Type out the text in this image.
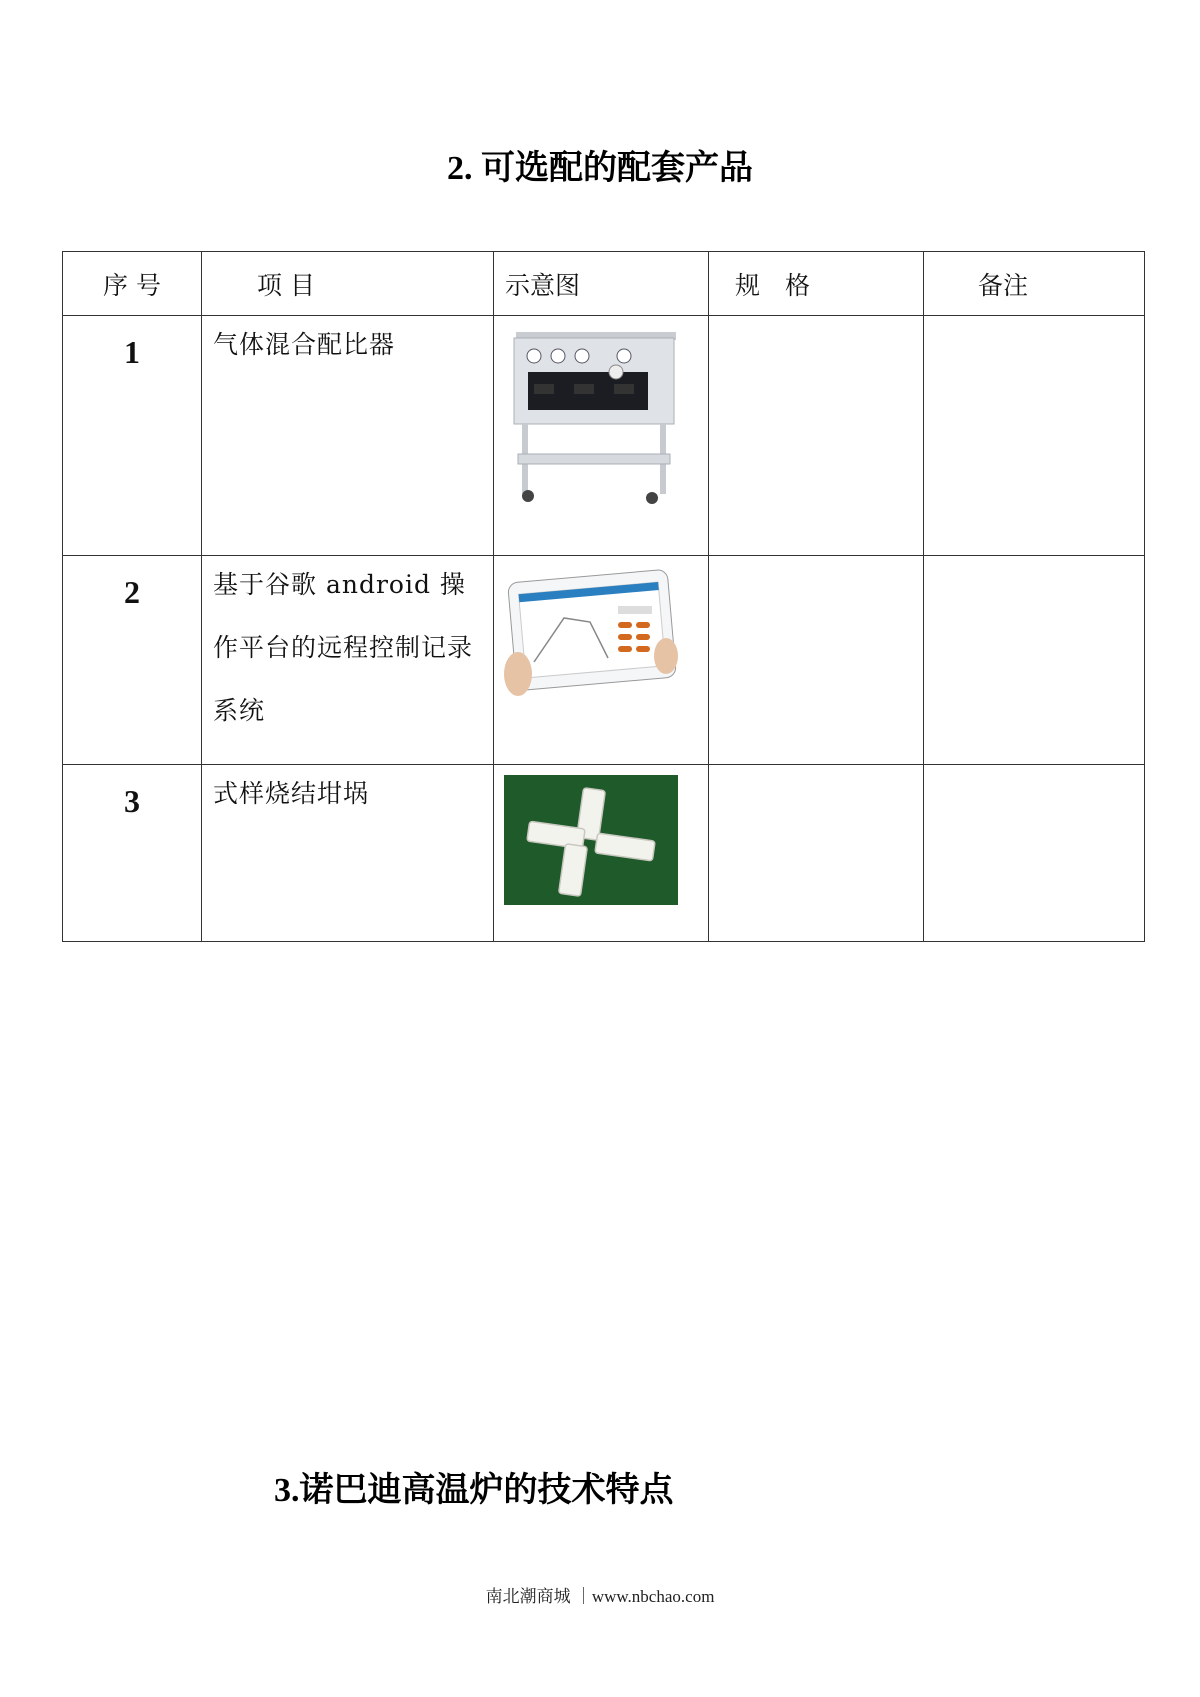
2. 可选配的配套产品
序 号	项 目	示意图	规　格	备注
1	气体混合配比器

2	基于谷歌 android 操作平台的远程控制记录系统

3	式样烧结坩埚

3.诺巴迪高温炉的技术特点
南北潮商城 ｜www.nbchao.com
